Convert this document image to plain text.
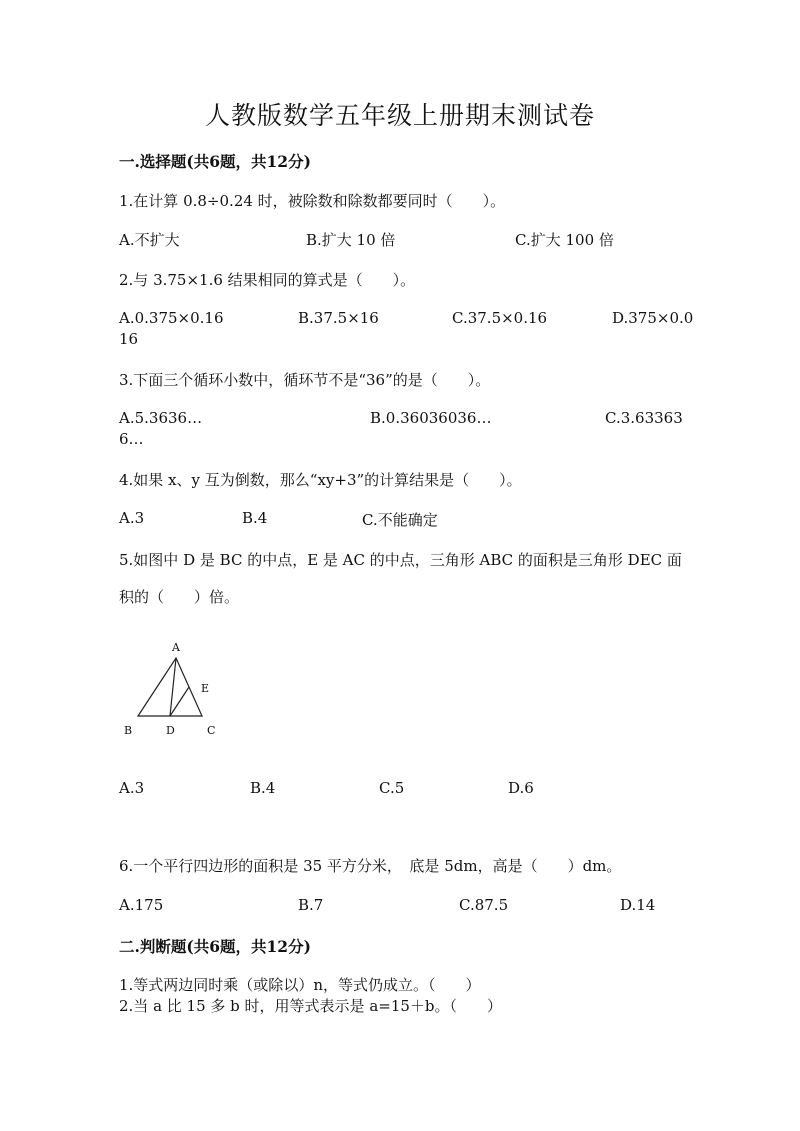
人教版数学五年级上册期末测试卷
一.选择题(共6题，共12分)
1.在计算 0.8÷0.24 时，被除数和除数都要同时（　　）。
A.不扩大	B.扩大 10 倍	C.扩大 100 倍
2.与 3.75×1.6 结果相同的算式是（　　）。
A.0.375×0.16	B.37.5×16	C.37.5×0.16	D.375×0.0
16
3.下面三个循环小数中，循环节不是“36”的是（　　）。
A.5.3636…	B.0.36036036…	C.3.63363
6…
4.如果 x、y 互为倒数，那么“xy+3”的计算结果是（　　）。
A.3	B.4	C.不能确定
5.如图中 D 是 BC 的中点，E 是 AC 的中点，三角形 ABC 的面积是三角形 DEC 面
积的（　　）倍。
A
E
B	D	C
A.3	B.4	C.5	D.6
6.一个平行四边形的面积是 35 平方分米，　底是 5dm，高是（　　）dm。
A.175	B.7	C.87.5	D.14
二.判断题(共6题，共12分)
1.等式两边同时乘（或除以）n，等式仍成立。（　　）
2.当 a 比 15 多 b 时，用等式表示是 a=15＋b。（　　）
